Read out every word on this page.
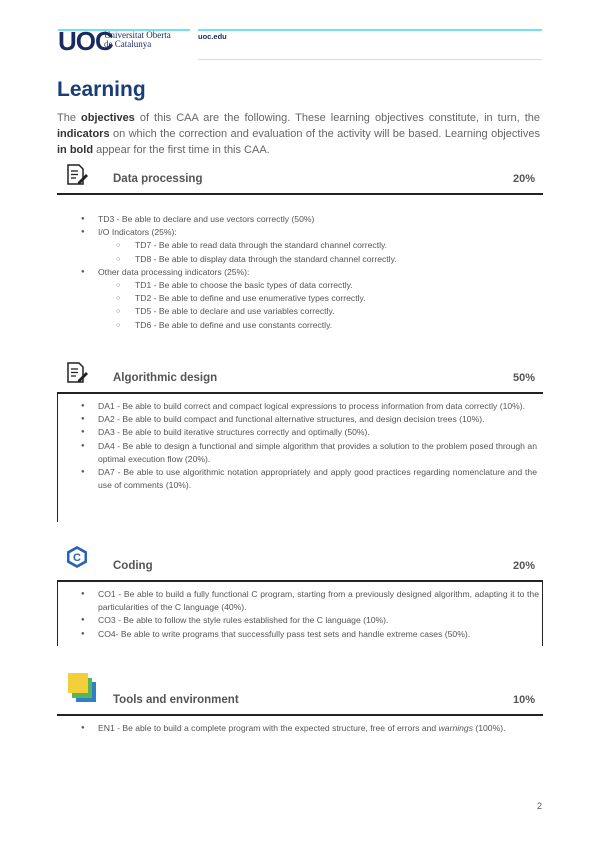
UOC
Universitat Oberta
de Catalunya
uoc.edu
Learning
The objectives of this CAA are the following. These learning objectives constitute, in turn, the indicators on which the correction and evaluation of the activity will be based. Learning objectives in bold appear for the first time in this CAA.
Data processing	20%
● TD3 - Be able to declare and use vectors correctly (50%)
● I/O Indicators (25%):
○ TD7 - Be able to read data through the standard channel correctly.
○ TD8 - Be able to display data through the standard channel correctly.
● Other data processing indicators (25%):
○ TD1 - Be able to choose the basic types of data correctly.
○ TD2 - Be able to define and use enumerative types correctly.
○ TD5 - Be able to declare and use variables correctly.
○ TD6 - Be able to define and use constants correctly.
Algorithmic design	50%
● DA1 - Be able to build correct and compact logical expressions to process information from data correctly (10%).
● DA2 - Be able to build compact and functional alternative structures, and design decision trees (10%).
● DA3 - Be able to build iterative structures correctly and optimally (50%).
● DA4 - Be able to design a functional and simple algorithm that provides a solution to the problem posed through an optimal execution flow (20%).
● DA7 - Be able to use algorithmic notation appropriately and apply good practices regarding nomenclature and the use of comments (10%).
C
Coding	20%
● CO1 - Be able to build a fully functional C program, starting from a previously designed algorithm, adapting it to the particularities of the C language (40%).
● CO3 - Be able to follow the style rules established for the C language (10%).
● CO4- Be able to write programs that successfully pass test sets and handle extreme cases (50%).
Tools and environment	10%
● EN1 - Be able to build a complete program with the expected structure, free of errors and warnings (100%).
2
